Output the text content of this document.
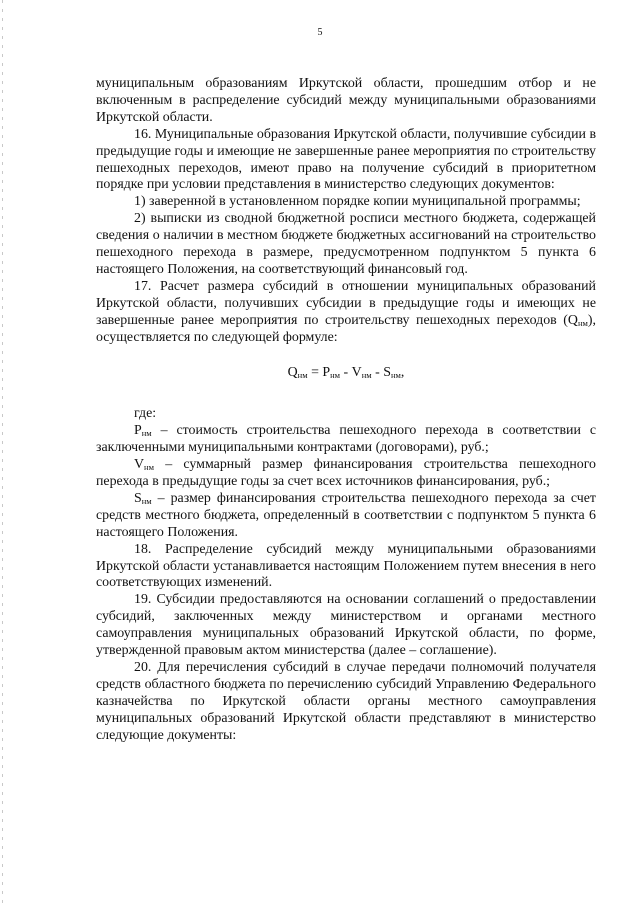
5

муниципальным образованиям Иркутской области, прошедшим отбор и не включенным в распределение субсидий между муниципальными образованиями Иркутской области.

16. Муниципальные образования Иркутской области, получившие субсидии в предыдущие годы и имеющие не завершенные ранее мероприятия по строительству пешеходных переходов, имеют право на получение субсидий в приоритетном порядке при условии представления в министерство следующих документов:

1) заверенной в установленном порядке копии муниципальной программы;

2) выписки из сводной бюджетной росписи местного бюджета, содержащей сведения о наличии в местном бюджете бюджетных ассигнований на строительство пешеходного перехода в размере, предусмотренном подпунктом 5 пункта 6 настоящего Положения, на соответствующий финансовый год.

17. Расчет размера субсидий в отношении муниципальных образований Иркутской области, получивших субсидии в предыдущие годы и имеющих не завершенные ранее мероприятия по строительству пешеходных переходов $(Q_{нм})$, осуществляется по следующей формуле:

$Q_{нм} = P_{нм} - V_{нм} - S_{нм}$,

где:

$P_{нм}$ – стоимость строительства пешеходного перехода в соответствии с заключенными муниципальными контрактами (договорами), руб.;

$V_{нм}$ – суммарный размер финансирования строительства пешеходного перехода в предыдущие годы за счет всех источников финансирования, руб.;

$S_{нм}$ – размер финансирования строительства пешеходного перехода за счет средств местного бюджета, определенный в соответствии с подпунктом 5 пункта 6 настоящего Положения.

18. Распределение субсидий между муниципальными образованиями Иркутской области устанавливается настоящим Положением путем внесения в него соответствующих изменений.

19. Субсидии предоставляются на основании соглашений о предоставлении субсидий, заключенных между министерством и органами местного самоуправления муниципальных образований Иркутской области, по форме, утвержденной правовым актом министерства (далее – соглашение).

20. Для перечисления субсидий в случае передачи полномочий получателя средств областного бюджета по перечислению субсидий Управлению Федерального казначейства по Иркутской области органы местного самоуправления муниципальных образований Иркутской области представляют в министерство следующие документы:
